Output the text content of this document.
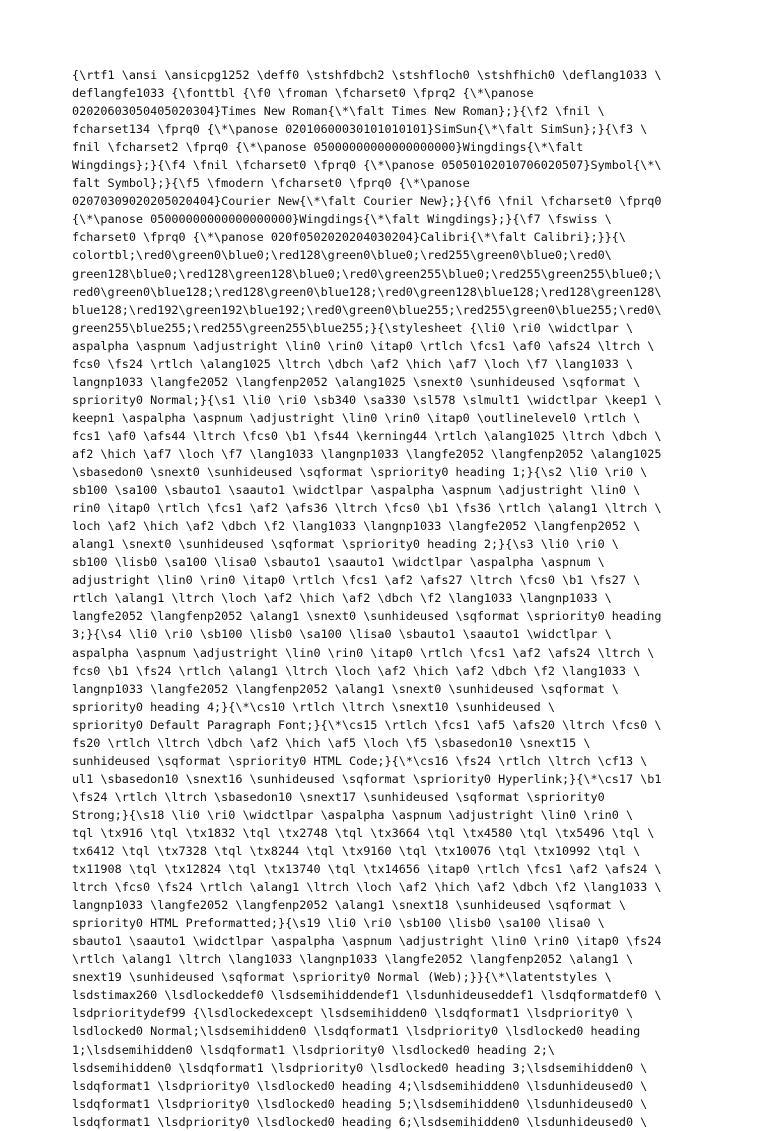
{\rtf1 \ansi \ansicpg1252 \deff0 \stshfdbch2 \stshfloch0 \stshfhich0 \deflang1033 \
deflangfe1033 {\fonttbl {\f0 \froman \fcharset0 \fprq2 {\*\panose
02020603050405020304}Times New Roman{\*\falt Times New Roman};}{\f2 \fnil \
fcharset134 \fprq0 {\*\panose 02010600030101010101}SimSun{\*\falt SimSun};}{\f3 \
fnil \fcharset2 \fprq0 {\*\panose 05000000000000000000}Wingdings{\*\falt
Wingdings};}{\f4 \fnil \fcharset0 \fprq0 {\*\panose 05050102010706020507}Symbol{\*\
falt Symbol};}{\f5 \fmodern \fcharset0 \fprq0 {\*\panose
02070309020205020404}Courier New{\*\falt Courier New};}{\f6 \fnil \fcharset0 \fprq0
{\*\panose 05000000000000000000}Wingdings{\*\falt Wingdings};}{\f7 \fswiss \
fcharset0 \fprq0 {\*\panose 020f0502020204030204}Calibri{\*\falt Calibri};}}{\
colortbl;\red0\green0\blue0;\red128\green0\blue0;\red255\green0\blue0;\red0\
green128\blue0;\red128\green128\blue0;\red0\green255\blue0;\red255\green255\blue0;\
red0\green0\blue128;\red128\green0\blue128;\red0\green128\blue128;\red128\green128\
blue128;\red192\green192\blue192;\red0\green0\blue255;\red255\green0\blue255;\red0\
green255\blue255;\red255\green255\blue255;}{\stylesheet {\li0 \ri0 \widctlpar \
aspalpha \aspnum \adjustright \lin0 \rin0 \itap0 \rtlch \fcs1 \af0 \afs24 \ltrch \
fcs0 \fs24 \rtlch \alang1025 \ltrch \dbch \af2 \hich \af7 \loch \f7 \lang1033 \
langnp1033 \langfe2052 \langfenp2052 \alang1025 \snext0 \sunhideused \sqformat \
spriority0 Normal;}{\s1 \li0 \ri0 \sb340 \sa330 \sl578 \slmult1 \widctlpar \keep1 \
keepn1 \aspalpha \aspnum \adjustright \lin0 \rin0 \itap0 \outlinelevel0 \rtlch \
fcs1 \af0 \afs44 \ltrch \fcs0 \b1 \fs44 \kerning44 \rtlch \alang1025 \ltrch \dbch \
af2 \hich \af7 \loch \f7 \lang1033 \langnp1033 \langfe2052 \langfenp2052 \alang1025
\sbasedon0 \snext0 \sunhideused \sqformat \spriority0 heading 1;}{\s2 \li0 \ri0 \
sb100 \sa100 \sbauto1 \saauto1 \widctlpar \aspalpha \aspnum \adjustright \lin0 \
rin0 \itap0 \rtlch \fcs1 \af2 \afs36 \ltrch \fcs0 \b1 \fs36 \rtlch \alang1 \ltrch \
loch \af2 \hich \af2 \dbch \f2 \lang1033 \langnp1033 \langfe2052 \langfenp2052 \
alang1 \snext0 \sunhideused \sqformat \spriority0 heading 2;}{\s3 \li0 \ri0 \
sb100 \lisb0 \sa100 \lisa0 \sbauto1 \saauto1 \widctlpar \aspalpha \aspnum \
adjustright \lin0 \rin0 \itap0 \rtlch \fcs1 \af2 \afs27 \ltrch \fcs0 \b1 \fs27 \
rtlch \alang1 \ltrch \loch \af2 \hich \af2 \dbch \f2 \lang1033 \langnp1033 \
langfe2052 \langfenp2052 \alang1 \snext0 \sunhideused \sqformat \spriority0 heading
3;}{\s4 \li0 \ri0 \sb100 \lisb0 \sa100 \lisa0 \sbauto1 \saauto1 \widctlpar \
aspalpha \aspnum \adjustright \lin0 \rin0 \itap0 \rtlch \fcs1 \af2 \afs24 \ltrch \
fcs0 \b1 \fs24 \rtlch \alang1 \ltrch \loch \af2 \hich \af2 \dbch \f2 \lang1033 \
langnp1033 \langfe2052 \langfenp2052 \alang1 \snext0 \sunhideused \sqformat \
spriority0 heading 4;}{\*\cs10 \rtlch \ltrch \snext10 \sunhideused \
spriority0 Default Paragraph Font;}{\*\cs15 \rtlch \fcs1 \af5 \afs20 \ltrch \fcs0 \
fs20 \rtlch \ltrch \dbch \af2 \hich \af5 \loch \f5 \sbasedon10 \snext15 \
sunhideused \sqformat \spriority0 HTML Code;}{\*\cs16 \fs24 \rtlch \ltrch \cf13 \
ul1 \sbasedon10 \snext16 \sunhideused \sqformat \spriority0 Hyperlink;}{\*\cs17 \b1
\fs24 \rtlch \ltrch \sbasedon10 \snext17 \sunhideused \sqformat \spriority0
Strong;}{\s18 \li0 \ri0 \widctlpar \aspalpha \aspnum \adjustright \lin0 \rin0 \
tql \tx916 \tql \tx1832 \tql \tx2748 \tql \tx3664 \tql \tx4580 \tql \tx5496 \tql \
tx6412 \tql \tx7328 \tql \tx8244 \tql \tx9160 \tql \tx10076 \tql \tx10992 \tql \
tx11908 \tql \tx12824 \tql \tx13740 \tql \tx14656 \itap0 \rtlch \fcs1 \af2 \afs24 \
ltrch \fcs0 \fs24 \rtlch \alang1 \ltrch \loch \af2 \hich \af2 \dbch \f2 \lang1033 \
langnp1033 \langfe2052 \langfenp2052 \alang1 \snext18 \sunhideused \sqformat \
spriority0 HTML Preformatted;}{\s19 \li0 \ri0 \sb100 \lisb0 \sa100 \lisa0 \
sbauto1 \saauto1 \widctlpar \aspalpha \aspnum \adjustright \lin0 \rin0 \itap0 \fs24
\rtlch \alang1 \ltrch \lang1033 \langnp1033 \langfe2052 \langfenp2052 \alang1 \
snext19 \sunhideused \sqformat \spriority0 Normal (Web);}}{\*\latentstyles \
lsdstimax260 \lsdlockeddef0 \lsdsemihiddendef1 \lsdunhideuseddef1 \lsdqformatdef0 \
lsdprioritydef99 {\lsdlockedexcept \lsdsemihidden0 \lsdqformat1 \lsdpriority0 \
lsdlocked0 Normal;\lsdsemihidden0 \lsdqformat1 \lsdpriority0 \lsdlocked0 heading
1;\lsdsemihidden0 \lsdqformat1 \lsdpriority0 \lsdlocked0 heading 2;\
lsdsemihidden0 \lsdqformat1 \lsdpriority0 \lsdlocked0 heading 3;\lsdsemihidden0 \
lsdqformat1 \lsdpriority0 \lsdlocked0 heading 4;\lsdsemihidden0 \lsdunhideused0 \
lsdqformat1 \lsdpriority0 \lsdlocked0 heading 5;\lsdsemihidden0 \lsdunhideused0 \
lsdqformat1 \lsdpriority0 \lsdlocked0 heading 6;\lsdsemihidden0 \lsdunhideused0 \
